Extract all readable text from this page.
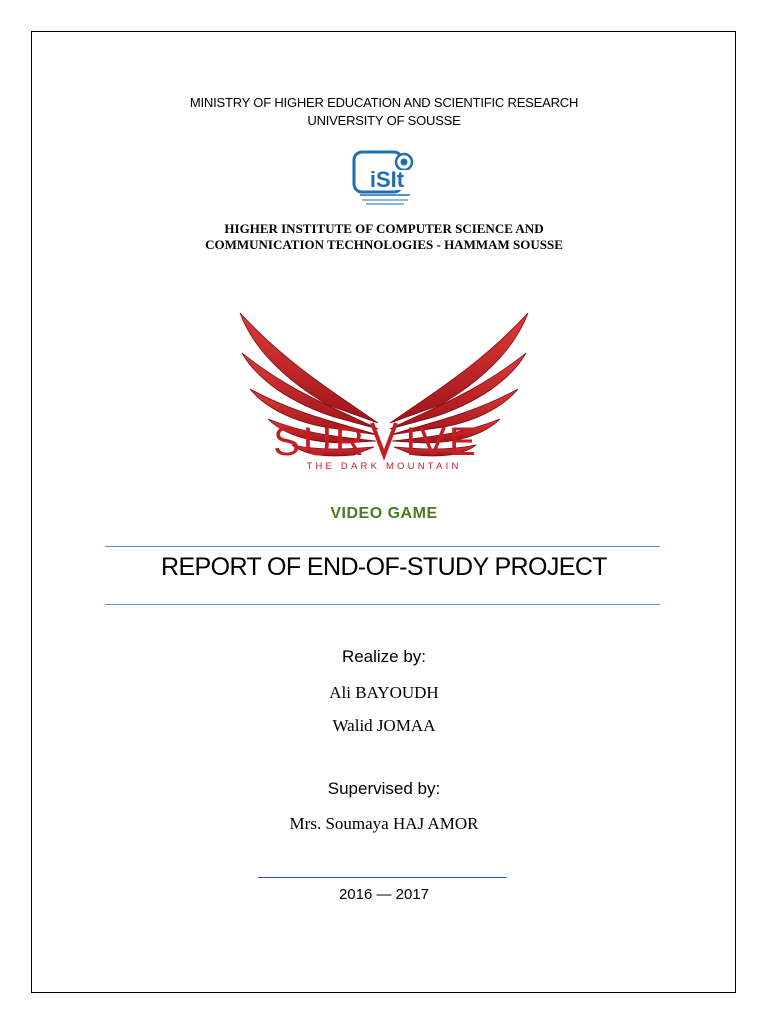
MINISTRY OF HIGHER EDUCATION AND SCIENTIFIC RESEARCH
UNIVERSITY OF SOUSSE
iSIt
HIGHER INSTITUTE OF COMPUTER SCIENCE AND
COMMUNICATION TECHNOLOGIES - HAMMAM SOUSSE
SUR IVE
THE DARK MOUNTAIN
VIDEO GAME
REPORT OF END-OF-STUDY PROJECT
Realize by:
Ali BAYOUDH
Walid JOMAA
Supervised by:
Mrs. Soumaya HAJ AMOR
2016 — 2017
